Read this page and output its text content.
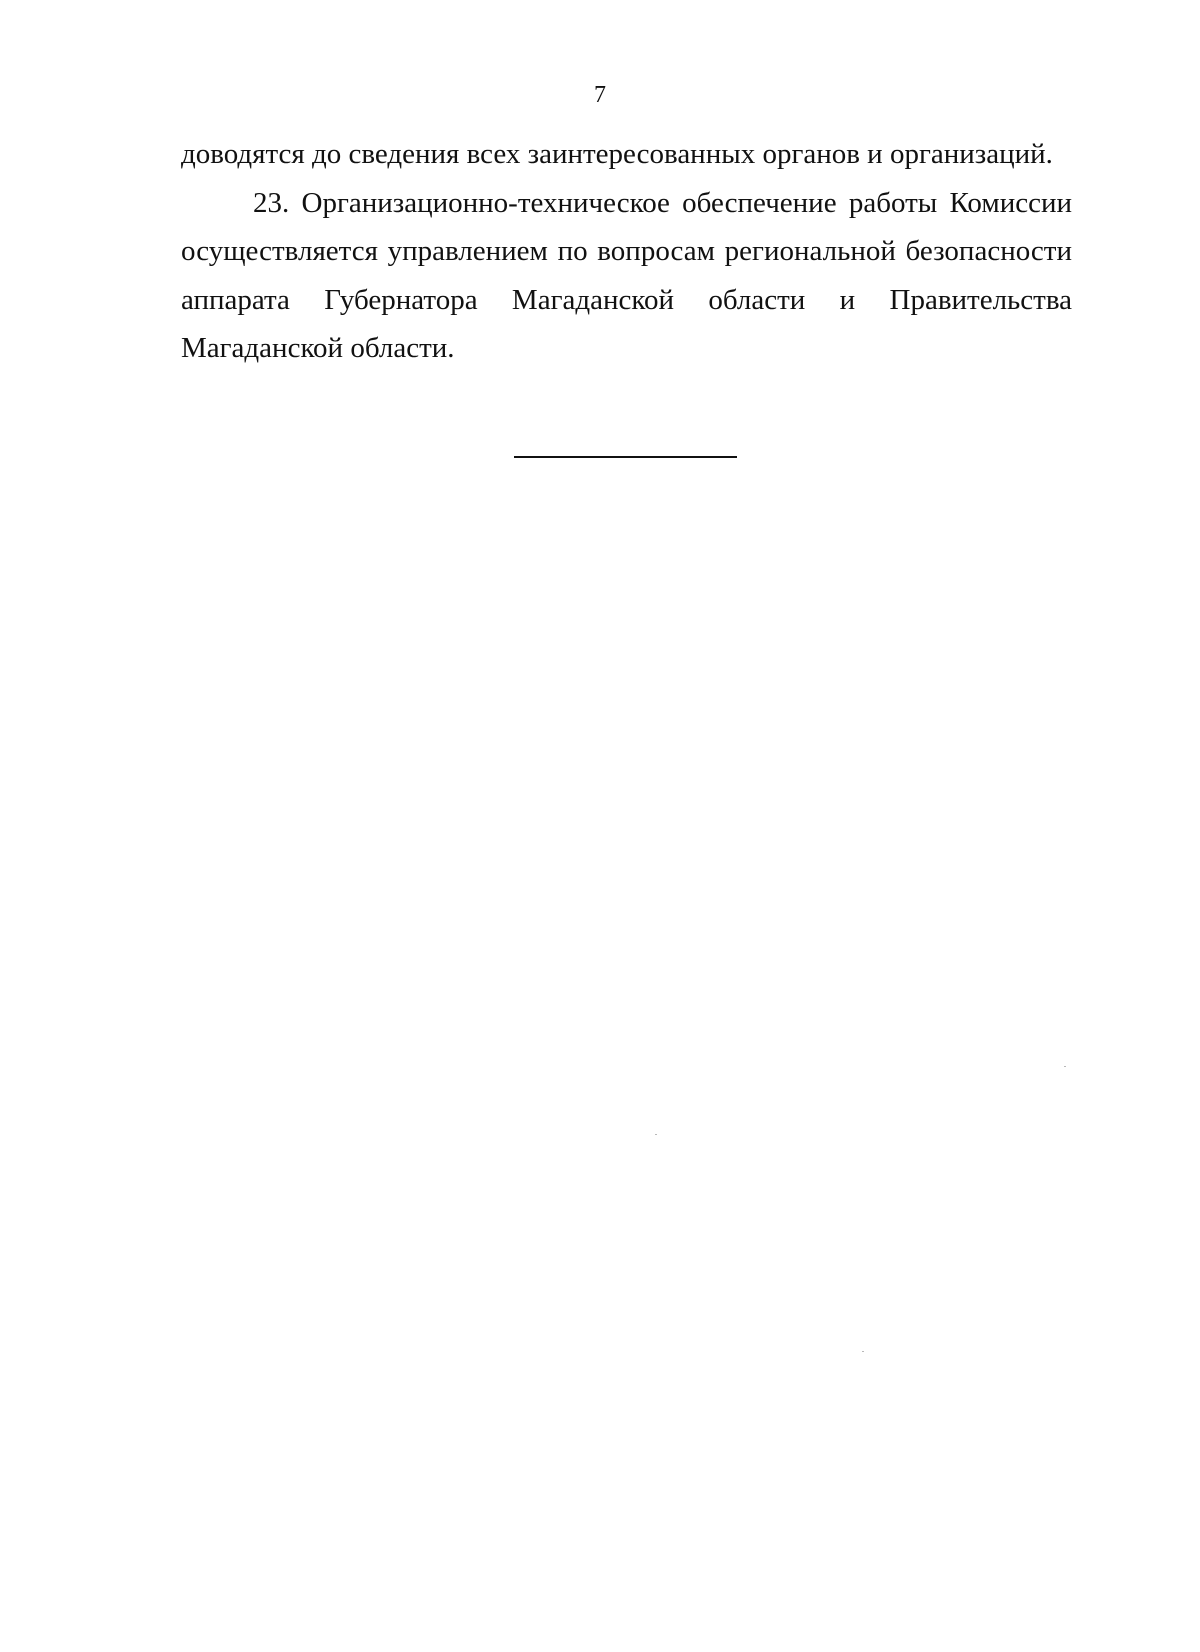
7

доводятся до сведения всех заинтересованных органов и организаций.

23. Организационно-техническое обеспечение работы Комиссии осуществляется управлением по вопросам региональной безопасности аппарата Губернатора Магаданской области и Правительства Магаданской области.
